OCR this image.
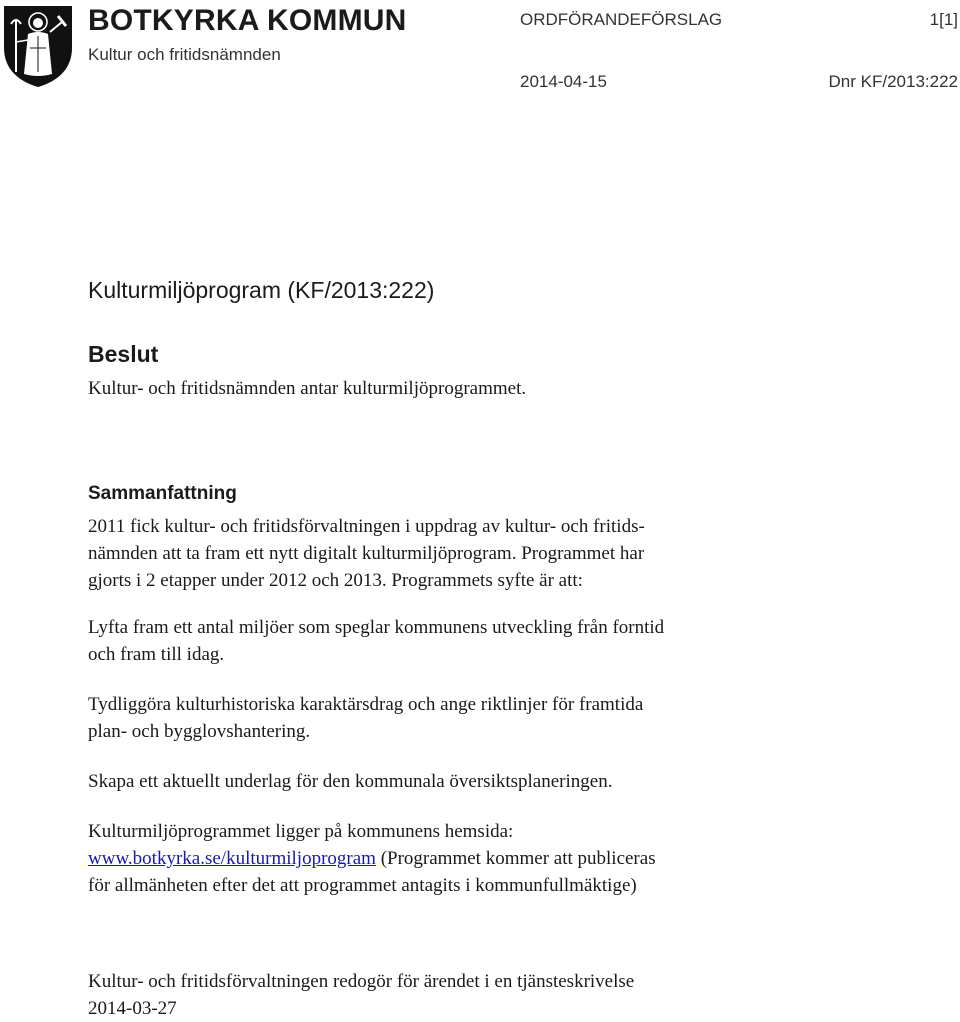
BOTKYRKA KOMMUN
Kultur och fritidsnämnden
ORDFÖRANDEFÖRSLAG	1[1]
2014-04-15	Dnr KF/2013:222
Kulturmiljöprogram (KF/2013:222)
Beslut
Kultur- och fritidsnämnden antar kulturmiljöprogrammet.
Sammanfattning
2011 fick kultur- och fritidsförvaltningen i uppdrag av kultur- och fritids-
nämnden att ta fram ett nytt digitalt kulturmiljöprogram. Programmet har
gjorts i 2 etapper under 2012 och 2013. Programmets syfte är att:
Lyfta fram ett antal miljöer som speglar kommunens utveckling från forntid
och fram till idag.
Tydliggöra kulturhistoriska karaktärsdrag och ange riktlinjer för framtida
plan- och bygglovshantering.
Skapa ett aktuellt underlag för den kommunala översiktsplaneringen.
Kulturmiljöprogrammet ligger på kommunens hemsida:
www.botkyrka.se/kulturmiljoprogram (Programmet kommer att publiceras
för allmänheten efter det att programmet antagits i kommunfullmäktige)
Kultur- och fritidsförvaltningen redogör för ärendet i en tjänsteskrivelse
2014-03-27
